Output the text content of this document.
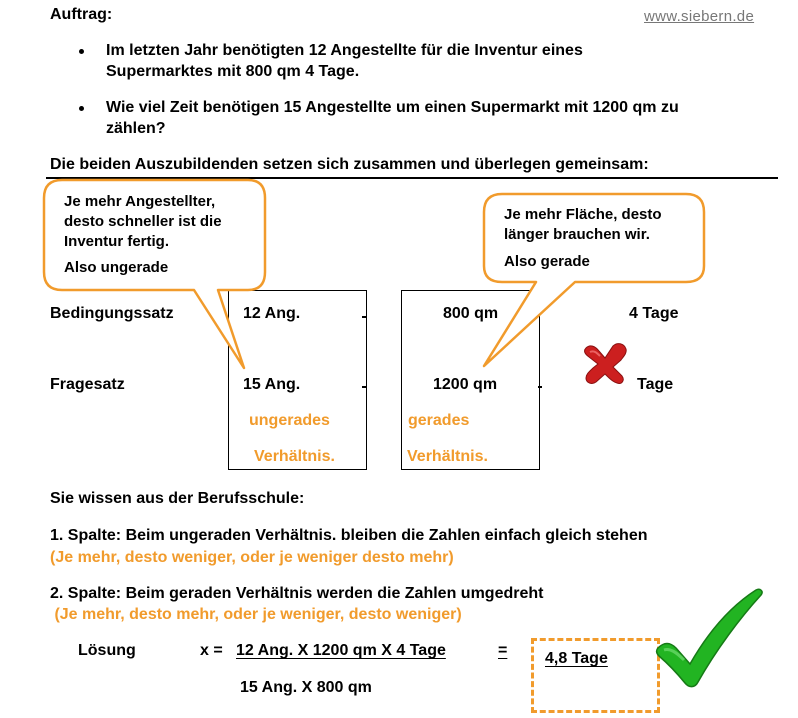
Auftrag:	www.siebern.de
Im letzten Jahr benötigten 12 Angestellte für die Inventur eines
Supermarktes mit 800 qm 4 Tage.
Wie viel Zeit benötigen 15 Angestellte um einen Supermarkt mit 1200 qm zu
zählen?
Die beiden Auszubildenden setzen sich zusammen und überlegen gemeinsam:
Je mehr Angestellter,
desto schneller ist die
Inventur fertig.
Also ungerade
Je mehr Fläche, desto
länger brauchen wir.
Also gerade
Bedingungssatz	12 Ang.	800 qm	4 Tage
Fragesatz	15 Ang.	1200 qm	Tage
ungerades
Verhältnis.
gerades
Verhältnis.
Sie wissen aus der Berufsschule:
1. Spalte: Beim ungeraden Verhältnis. bleiben die Zahlen einfach gleich stehen
(Je mehr, desto weniger, oder je weniger desto mehr)
2. Spalte: Beim geraden Verhältnis werden die Zahlen umgedreht
(Je mehr, desto mehr, oder je weniger, desto weniger)
Lösung	x = 12 Ang. X 1200 qm X 4 Tage	=
15 Ang. X 800 qm
4,8 Tage
